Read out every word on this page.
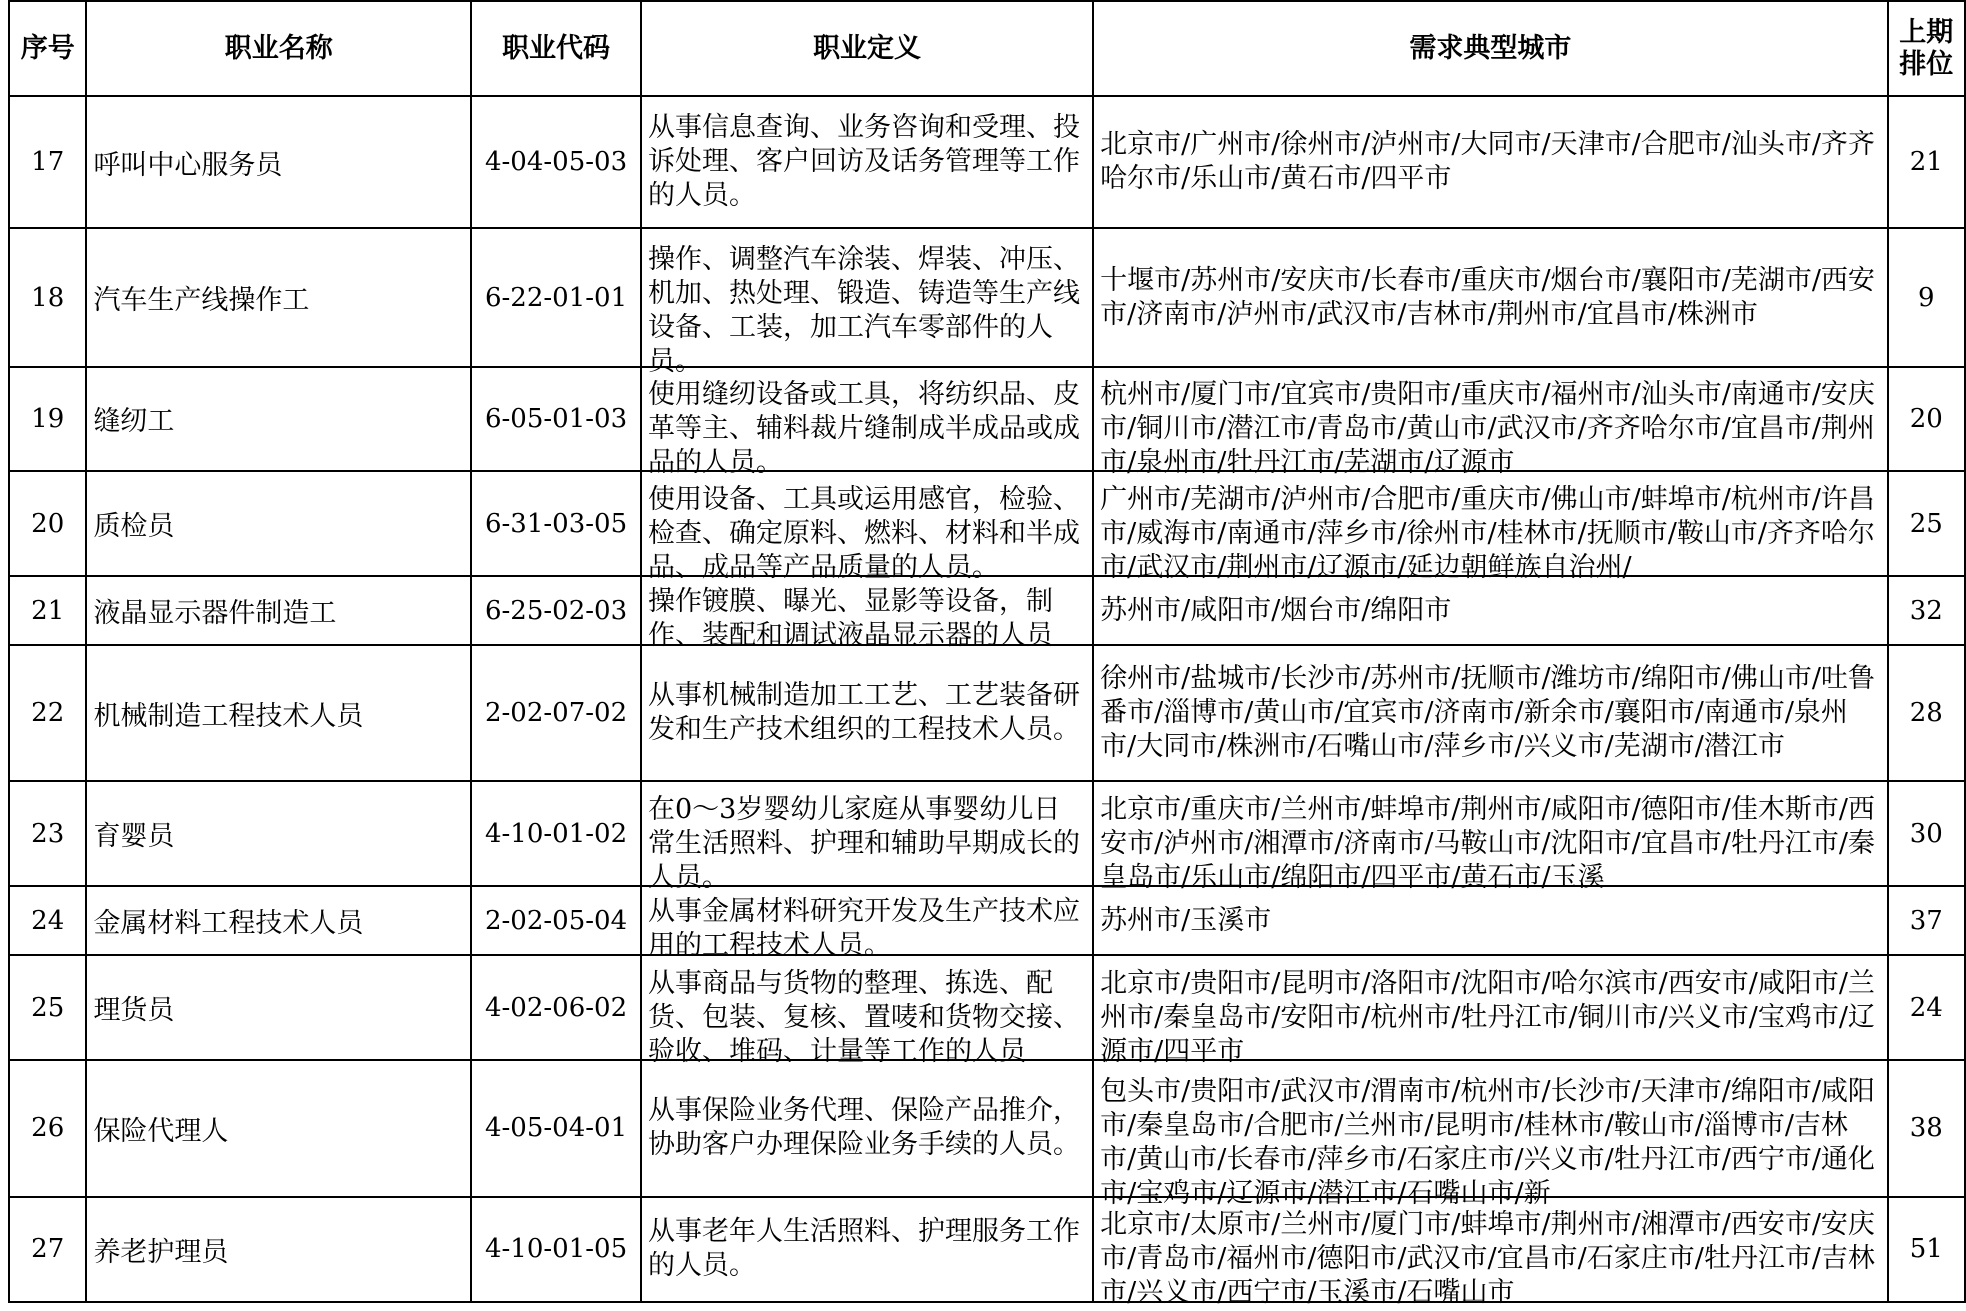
序号	职业名称	职业代码	职业定义	需求典型城市	上期排位
17	呼叫中心服务员	4-04-05-03	从事信息查询、业务咨询和受理、投诉处理、客户回访及话务管理等工作的人员。	北京市/广州市/徐州市/泸州市/大同市/天津市/合肥市/汕头市/齐齐哈尔市/乐山市/黄石市/四平市	21
18	汽车生产线操作工	6-22-01-01	操作、调整汽车涂装、焊装、冲压、机加、热处理、锻造、铸造等生产线设备、工装，加工汽车零部件的人员。	十堰市/苏州市/安庆市/长春市/重庆市/烟台市/襄阳市/芜湖市/西安市/济南市/泸州市/武汉市/吉林市/荆州市/宜昌市/株洲市	9
19	缝纫工	6-05-01-03	使用缝纫设备或工具，将纺织品、皮革等主、辅料裁片缝制成半成品或成品的人员。	杭州市/厦门市/宜宾市/贵阳市/重庆市/福州市/汕头市/南通市/安庆市/铜川市/潜江市/青岛市/黄山市/武汉市/齐齐哈尔市/宜昌市/荆州市/泉州市/牡丹江市/芜湖市/辽源市	20
20	质检员	6-31-03-05	使用设备、工具或运用感官，检验、检查、确定原料、燃料、材料和半成品、成品等产品质量的人员。	广州市/芜湖市/泸州市/合肥市/重庆市/佛山市/蚌埠市/杭州市/许昌市/威海市/南通市/萍乡市/徐州市/桂林市/抚顺市/鞍山市/齐齐哈尔市/武汉市/荆州市/辽源市/延边朝鲜族自治州/	25
21	液晶显示器件制造工	6-25-02-03	操作镀膜、曝光、显影等设备，制作、装配和调试液晶显示器的人员	苏州市/咸阳市/烟台市/绵阳市	32
22	机械制造工程技术人员	2-02-07-02	从事机械制造加工工艺、工艺装备研发和生产技术组织的工程技术人员。	徐州市/盐城市/长沙市/苏州市/抚顺市/潍坊市/绵阳市/佛山市/吐鲁番市/淄博市/黄山市/宜宾市/济南市/新余市/襄阳市/南通市/泉州市/大同市/株洲市/石嘴山市/萍乡市/兴义市/芜湖市/潜江市	28
23	育婴员	4-10-01-02	在0～3岁婴幼儿家庭从事婴幼儿日常生活照料、护理和辅助早期成长的人员。	北京市/重庆市/兰州市/蚌埠市/荆州市/咸阳市/德阳市/佳木斯市/西安市/泸州市/湘潭市/济南市/马鞍山市/沈阳市/宜昌市/牡丹江市/秦皇岛市/乐山市/绵阳市/四平市/黄石市/玉溪	30
24	金属材料工程技术人员	2-02-05-04	从事金属材料研究开发及生产技术应用的工程技术人员。	苏州市/玉溪市	37
25	理货员	4-02-06-02	从事商品与货物的整理、拣选、配货、包装、复核、置唛和货物交接、验收、堆码、计量等工作的人员	北京市/贵阳市/昆明市/洛阳市/沈阳市/哈尔滨市/西安市/咸阳市/兰州市/秦皇岛市/安阳市/杭州市/牡丹江市/铜川市/兴义市/宝鸡市/辽源市/四平市	24
26	保险代理人	4-05-04-01	从事保险业务代理、保险产品推介，协助客户办理保险业务手续的人员。	包头市/贵阳市/武汉市/渭南市/杭州市/长沙市/天津市/绵阳市/咸阳市/秦皇岛市/合肥市/兰州市/昆明市/桂林市/鞍山市/淄博市/吉林市/黄山市/长春市/萍乡市/石家庄市/兴义市/牡丹江市/西宁市/通化市/宝鸡市/辽源市/潜江市/石嘴山市/新	38
27	养老护理员	4-10-01-05	从事老年人生活照料、护理服务工作的人员。	北京市/太原市/兰州市/厦门市/蚌埠市/荆州市/湘潭市/西安市/安庆市/青岛市/福州市/德阳市/武汉市/宜昌市/石家庄市/牡丹江市/吉林市/兴义市/西宁市/玉溪市/石嘴山市	51
